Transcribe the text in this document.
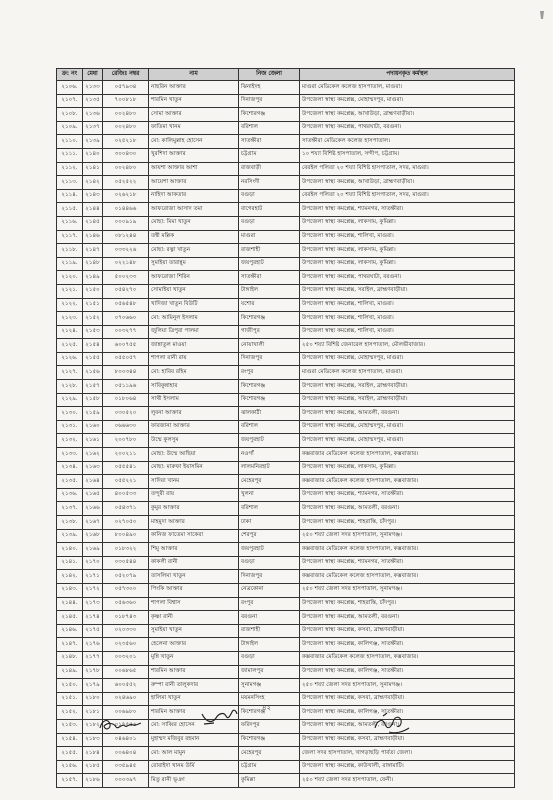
ক্র: নং	মেধা	রেজিঃ নম্বর	নাম	নিজ জেলা	পদায়নকৃত কর্মস্থল
২১০৬.	২১৩৩	০৫৭৯৩৪	নাছরিন আক্তার	ঝিনাইদহ	মাগুরা মেডিকেল কলেজ হাসপাতাল, মাগুরা।
২১০৭.	২১৩৫	৭০০৮১৮	শারমিন খাতুন	দিনাজপুর	উপজেলা স্বাস্থ্য কমপ্লেক্স, মোহাম্মদপুর, মাগুরা।
২১০৮.	২১৩৬	০০২৪৮০	সোমা আক্তার	কিশোরগঞ্জ	উপজেলা স্বাস্থ্য কমপ্লেক্স, আখাউড়া, ব্রাহ্মণবাড়ীয়া।
২১০৯.	২১৩৭	০০২৪৮০	ফাতিমা খানম	বরিশাল	উপজেলা স্বাস্থ্য কমপ্লেক্স, পাথরঘাটা, বরগুনা।
২১১০.	২১৩৯	০২৫২১৮	মো: কালিমুল্লাহ হোসেন	সাতক্ষীরা	সাতক্ষীরা মেডিকেল কলেজ হাসপাতাল।
২১১১.	২১৪০	৩০০৪৩০	খুরশিদা আক্তার	চট্টগ্রাম	১০ শয্যা বিশিষ্ট হাসপাতাল, সন্দীপ, চট্টগ্রাম।
২১১২.	২১৪১	০০২৪৮০	আয়শা আক্তার আশা	রাজবাড়ী	বেরইল পলিতা ২০ শয্যা বিশিষ্ট হাসপাতাল, সদর, মাগুরা।
২১১৩.	২১৪২	০৫২৫২২	আয়েশা আক্তার	নরসিংদী	উপজেলা স্বাস্থ্য কমপ্লেক্স, আখাউড়া, ব্রাহ্মণবাড়ীয়া।
২১১৪.	২১৪৩	০২৬২১৮	নাহিদা আকতার	বগুড়া	বেরইল পলিতা ২০ শয্যা বিশিষ্ট হাসপাতাল, সদর, মাগুরা।
২১১৫.	২১৪৪	০১৪৪৬৬	আফরোজা আসাদ তমা	বাগেরহাট	উপজেলা স্বাস্থ্য কমপ্লেক্স, শ্যামনগর, সাতক্ষীরা।
২১১৬.	২১৪৫	০০০৯১৯	মোছা: মিমা খাতুন	বগুড়া	উপজেলা স্বাস্থ্য কমপ্লেক্স, লাকসাম, কুমিল্লা।
২১১৭.	২১৪৬	০৮১২৪৪	তন্বী মল্লিক	মাগুরা	উপজেলা স্বাস্থ্য কমপ্লেক্স, শালিখা, মাগুরা।
২১১৮.	২১৪৭	০৩৩২২৬	মোছা: রত্না খাতুন	রাজশাহী	উপজেলা স্বাস্থ্য কমপ্লেক্স, লাকসাম, কুমিল্লা।
২১১৯.	২১৪৮	০২২১৪৮	সুমাইয়া তারান্নুম	জয়পুরহাট	উপজেলা স্বাস্থ্য কমপ্লেক্স, লাকসাম, কুমিল্লা।
২১২০.	২১৪৯	৫০০২৩৩	আফরোজা শিরিন	সাতক্ষীরা	উপজেলা স্বাস্থ্য কমপ্লেক্স, পাথরঘাটা, বরগুনা।
২১২১.	২১৫০	০৫৪২৭০	সোমাইয়া খাতুন	টাঙ্গাইল	উপজেলা স্বাস্থ্য কমপ্লেক্স, সরাইল, ব্রাহ্মণবাড়ীয়া।
২১২২.	২১৫১	০৫৬৫৪৮	খাদিজা খাতুন বিউটি	যশোর	উপজেলা স্বাস্থ্য কমপ্লেক্স, শালিখা, মাগুরা।
২১২৩.	২১৫২	০৭০৬৬০	মো: আমিনুল ইসলাম	কিশোরগঞ্জ	উপজেলা স্বাস্থ্য কমপ্লেক্স, শালিখা, মাগুরা।
২১২৪.	২১৫৩	০০৩২৭৭	জুলিয়া ত্রিপুরা পালমা	গাজীপুর	উপজেলা স্বাস্থ্য কমপ্লেক্স, শালিখা, মাগুরা।
২১২৫.	২১৫৪	৬০০৭৫৫	জান্নাতুল মাওয়া	নোয়াখালী	২৫০ শয্যা বিশিষ্ট জেনারেল হাসপাতাল, মৌলভীবাজার।
২১২৬.	২১৫৫	০৫৫০৫৭	শাপলা রানী রায়	দিনাজপুর	উপজেলা স্বাস্থ্য কমপ্লেক্স, মোহাম্মদপুর, মাগুরা।
২১২৭.	২১৫৬	৮০০৩৪৪	মো: হাবিব রহিম	রংপুর	মাগুরা মেডিকেল কলেজ হাসপাতাল, মাগুরা।
২১২৮.	২১৫৭	০৫১১৯৬	সাবিকুন্নাহার	কিশোরগঞ্জ	উপজেলা স্বাস্থ্য কমপ্লেক্স, সরাইল, ব্রাহ্মণবাড়ীয়া।
২১২৯.	২১৫৮	০১৮০৬৪	সাথী ইসলাম	কিশোরগঞ্জ	উপজেলা স্বাস্থ্য কমপ্লেক্স, সরাইল, ব্রাহ্মণবাড়ীয়া।
২১৩০.	২১৫৯	০৩০৫২০	লুবনা আক্তার	ঝালকাঠী	উপজেলা স্বাস্থ্য কমপ্লেক্স, আমতলী, বরগুনা।
২১৩১.	২১৬০	০৬৬৬৩০	ফারজানা আক্তার	বরিশাল	উপজেলা স্বাস্থ্য কমপ্লেক্স, মোহাম্মদপুর, মাগুরা।
২১৩২.	২১৬১	২০০৭৮০	উম্মে কুলসুম	জয়পুরহাট	উপজেলা স্বাস্থ্য কমপ্লেক্স, মোহাম্মদপুর, মাগুরা।
২১৩৩.	২১৬২	২০০২১১	মোছা: উম্মে আছিয়া	নওগাঁ	কক্সবাজার মেডিকেল কলেজ হাসপাতাল, কক্সবাজার।
২১৩৪.	২১৬৩	০৫৫৫৪১	মোছা: মারুফা ইয়াসমিন	লালমনিরহাট	উপজেলা স্বাস্থ্য কমপ্লেক্স, লাকসাম, কুমিল্লা।
২১৩৫.	২১৬৪	০৫৫২২১	সাদিয়া খানম	মেহেরপুর	কক্সবাজার মেডিকেল কলেজ হাসপাতাল, কক্সবাজার।
২১৩৬.	২১৬৫	৪০০৫৩৩	তন্দুরী রায়	খুলনা	উপজেলা স্বাস্থ্য কমপ্লেক্স, শ্যামনগর, সাতক্ষীরা।
২১৩৭.	২১৬৬	০৫৪৩৭১	কুমুর আক্তার	বরিশাল	উপজেলা স্বাস্থ্য কমপ্লেক্স, আমতলী, বরগুনা।
২১৩৮.	২১৬৭	০২৭০৫০	মাহমুদা আক্তার	ঢাকা	উপজেলা স্বাস্থ্য কমপ্লেক্স, শাহরাস্তি, চাঁদপুর।
২১৩৯.	২১৬৮	৮০০৪৯০	কানিজ ফাতেমা সাকেরা	শেরপুর	২৫০ শয্যা জেলা সদর হাসপাতাল, সুনামগঞ্জ।
২১৪০.	২১৬৯	০১৮৩২২	শিমু আক্তার	জয়পুরহাট	কক্সবাজার মেডিকেল কলেজ হাসপাতাল, কক্সবাজার।
২১৪১.	২১৭০	০৩০৫৪৪	কাকলী রানী	বগুড়া	উপজেলা স্বাস্থ্য কমপ্লেক্স, শ্যামনগর, সাতক্ষীরা।
২১৪২.	২১৭১	০৫২০৭৯	তাসলিমা খাতুন	দিনাজপুর	কক্সবাজার মেডিকেল কলেজ হাসপাতাল, কক্সবাজার।
২১৪৩.	২১৭২	০৫৭৩০০	পিংকি আক্তার	নেত্রকোনা	২৫০ শয্যা জেলা সদর হাসপাতাল, সুনামগঞ্জ।
২১৪৪.	২১৭৩	০৫৬৩৬০	শাপলা বিশ্বাস	রংপুর	উপজেলা স্বাস্থ্য কমপ্লেক্স, শাহরাস্তি, চাঁদপুর।
২১৪৫.	২১৭৪	০১৮৭৪৩	কৃষ্ণা রানী	বরগুনা	উপজেলা স্বাস্থ্য কমপ্লেক্স, আমতলী, বরগুনা।
২১৪৬.	২১৭৫	০২০৩৩০	সুমাইয়া খাতুন	রাজশাহী	উপজেলা স্বাস্থ্য কমপ্লেক্স, কসবা, ব্রাহ্মণবাড়ীয়া।
২১৪৭.	২১৭৬	০২৩৫৬০	হেলেনা আক্তার	টাঙ্গাইল	উপজেলা স্বাস্থ্য কমপ্লেক্স, কালিগঞ্জ, সাতক্ষীরা।
২১৪৮.	২১৭৭	০০৩২০১	মুন্নি খাতুন	বগুড়া	কক্সবাজার মেডিকেল কলেজ হাসপাতাল, কক্সবাজার।
২১৪৯.	২১৭৮	০০৬৮৬৫	শারমিন আক্তার	জামালপুর	উপজেলা স্বাস্থ্য কমপ্লেক্স, কালিগঞ্জ, সাতক্ষীরা।
২১৫০.	২১৭৯	৬০০৫৫২	রুম্পা রানী তালুকদার	সুনামগঞ্জ	২৫০ শয্যা জেলা সদর হাসপাতাল, সুনামগঞ্জ।
২১৫১.	২১৮০	০২৪৬৯০	হালিমা খাতুন	ময়মনসিংহ	উপজেলা স্বাস্থ্য কমপ্লেক্স, কসবা, ব্রাহ্মণবাড়ীয়া।
২১৫২.	২১৮১	০০৬৯৮০	শারমিন আক্তার	কিশোরগঞ্জ	উপজেলা স্বাস্থ্য কমপ্লেক্স, কালিগঞ্জ, সাতক্ষীরা।
২১৫৩.	২১৮২	০১৭৫৫৬	মো: সাব্বির হোসেন	ফরিদপুর	উপজেলা স্বাস্থ্য কমপ্লেক্স, আমতলী, বরগুনা।
২১৫৪.	২১৮৩	০৪৬৪০১	মুহাম্মদ মজিবুর রহমান	কিশোরগঞ্জ	উপজেলা স্বাস্থ্য কমপ্লেক্স, কসবা, ব্রাহ্মণবাড়ীয়া।
২১৫৫.	২১৮৪	০০৬৪০৪	মো: আল মামুন	মেহেরপুর	জেলা সদর হাসপাতাল, খাগড়াছড়ি পার্বত্য জেলা।
২১৫৬.	২১৮৫	০৩৫৯৪৫	রোবাইদা খানম উর্মি	চট্টগ্রাম	উপজেলা স্বাস্থ্য কমপ্লেক্স, কাউখালী, রাঙ্গামাটি।
২১৫৭.	২১৮৬	০০০৩৯৭	মিতু রানী ভূঞা	কুমিল্লা	২৫০ শয্যা জেলা সদর হাসপাতাল, ফেনী।
৪২
